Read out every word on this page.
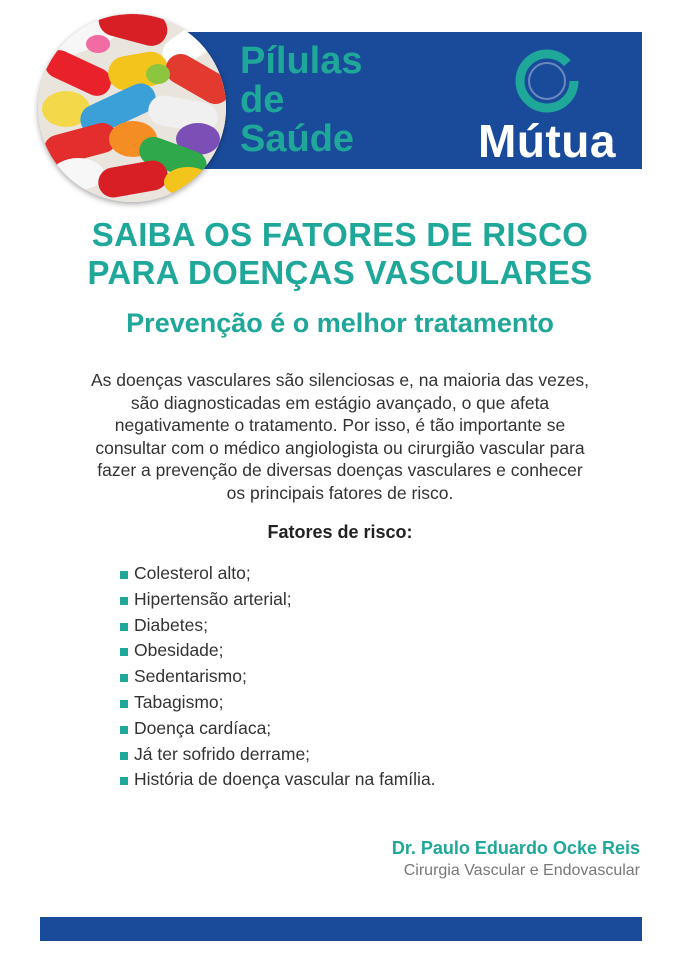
Pílulas
de
Saúde	Mútua
SAIBA OS FATORES DE RISCO
PARA DOENÇAS VASCULARES
Prevenção é o melhor tratamento
As doenças vasculares são silenciosas e, na maioria das vezes,
são diagnosticadas em estágio avançado, o que afeta
negativamente o tratamento. Por isso, é tão importante se
consultar com o médico angiologista ou cirurgião vascular para
fazer a prevenção de diversas doenças vasculares e conhecer
os principais fatores de risco.
Fatores de risco:
Colesterol alto;
Hipertensão arterial;
Diabetes;
Obesidade;
Sedentarismo;
Tabagismo;
Doença cardíaca;
Já ter sofrido derrame;
História de doença vascular na família.
Dr. Paulo Eduardo Ocke Reis
Cirurgia Vascular e Endovascular
